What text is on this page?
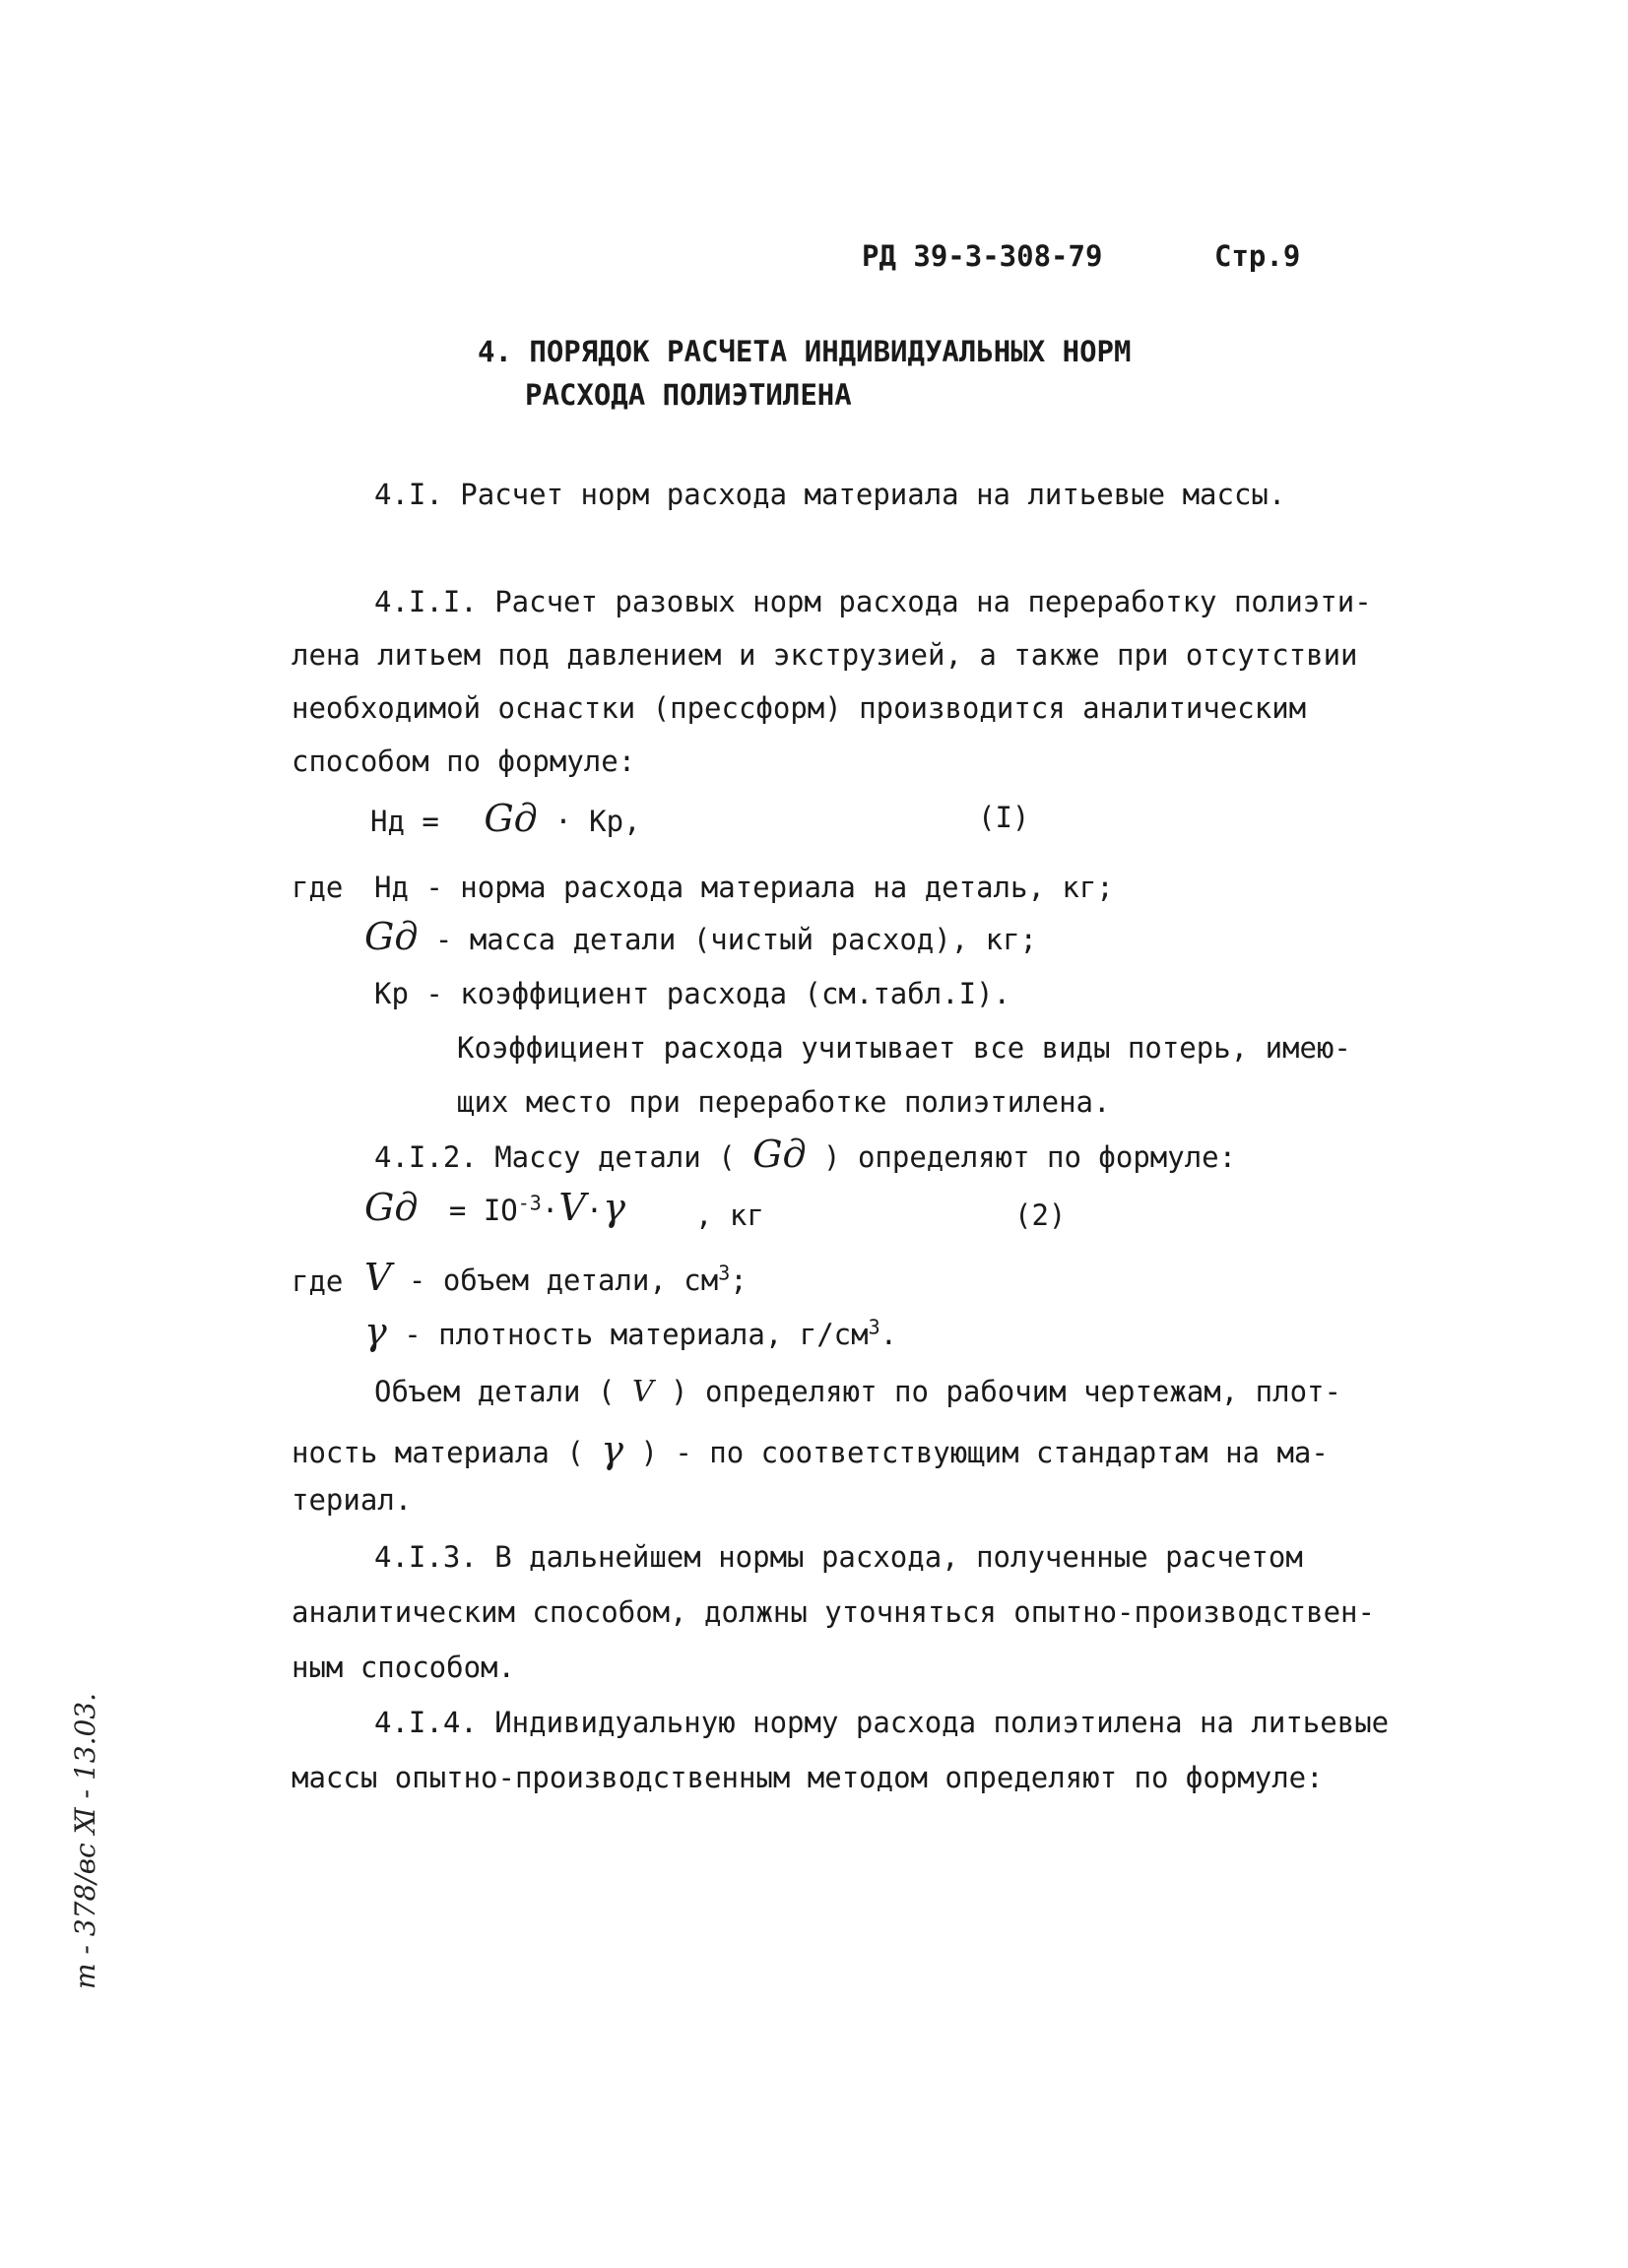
РД 39-3-308-79	Стр.9
4. ПОРЯДОК РАСЧЕТА ИНДИВИДУАЛЬНЫХ НОРМ
РАСХОДА ПОЛИЭТИЛЕНА
4.I. Расчет норм расхода материала на литьевые массы.
4.I.I. Расчет разовых норм расхода на переработку полиэти-
лена литьем под давлением и экструзией, а также при отсутствии
необходимой оснастки (прессформ) производится аналитическим
способом по формуле:
Нд = Gд · Кр,	(I)
где Нд - норма расхода материала на деталь, кг;
Gд - масса детали (чистый расход), кг;
Кр - коэффициент расхода (см.табл.I).
Коэффициент расхода учитывает все виды потерь, имею-
щих место при переработке полиэтилена.
4.I.2. Массу детали ( Gд ) определяют по формуле:
Gд = $IO^{-3}\cdot V\cdot\gamma$ , кг	(2)
где V - объем детали, $см^3$;
γ - плотность материала, $г/см^3$.
Объем детали ( V ) определяют по рабочим чертежам, плот-
ность материала ( γ ) - по соответствующим стандартам на ма-
териал.
4.I.3. В дальнейшем нормы расхода, полученные расчетом
аналитическим способом, должны уточняться опытно-производствен-
ным способом.
4.I.4. Индивидуальную норму расхода полиэтилена на литьевые
массы опытно-производственным методом определяют по формуле:
т - 378/вс Ⅺ - 13.03.
